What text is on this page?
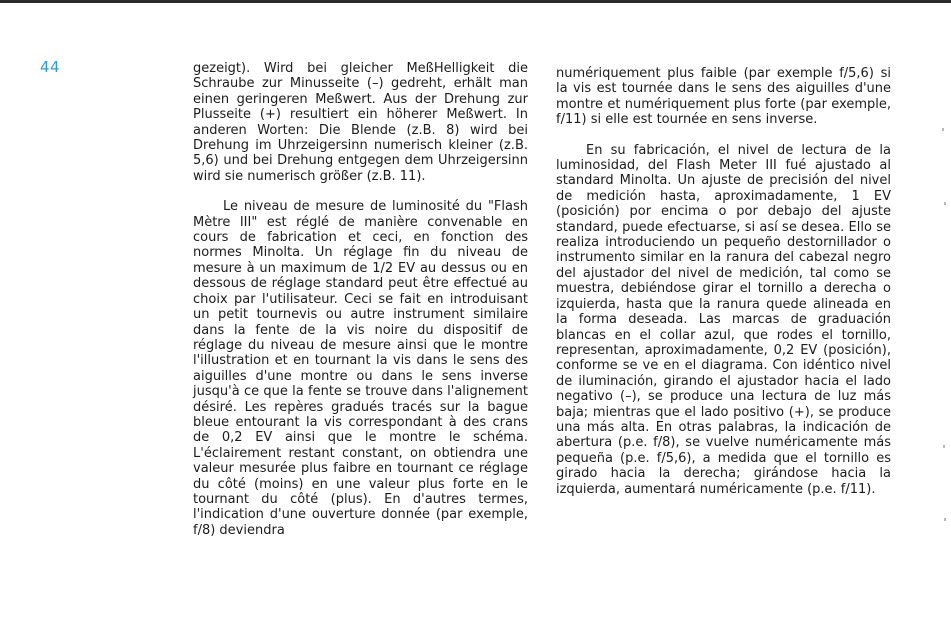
44	gezeigt). Wird bei gleicher MeßHelligkeit die Schraube zur Minusseite (–) gedreht, erhält man einen geringeren Meßwert. Aus der Drehung zur Plusseite (+) resultiert ein höherer Meßwert. In anderen Worten: Die Blende (z.B. 8) wird bei Drehung im Uhrzeigersinn numerisch kleiner (z.B. 5,6) und bei Drehung entgegen dem Uhrzeigersinn wird sie numerisch größer (z.B. 11).

Le niveau de mesure de luminosité du "Flash Mètre III" est réglé de manière convenable en cours de fabrication et ceci, en fonction des normes Minolta. Un réglage fin du niveau de mesure à un maximum de 1/2 EV au dessus ou en dessous de réglage standard peut être effectué au choix par l'utilisateur. Ceci se fait en introduisant un petit tournevis ou autre instrument similaire dans la fente de la vis noire du dispositif de réglage du niveau de mesure ainsi que le montre l'illustration et en tournant la vis dans le sens des aiguilles d'une montre ou dans le sens inverse jusqu'à ce que la fente se trouve dans l'alignement désiré. Les repères gradués tracés sur la bague bleue entourant la vis correspondant à des crans de 0,2 EV ainsi que le montre le schéma. L'éclairement restant constant, on obtiendra une valeur mesurée plus faibre en tournant ce réglage du côté (moins) en une valeur plus forte en le tournant du côté (plus). En d'autres termes, l'indication d'une ouverture donnée (par exemple, f/8) deviendra

numériquement plus faible (par exemple f/5,6) si la vis est tournée dans le sens des aiguilles d'une montre et numériquement plus forte (par exemple, f/11) si elle est tournée en sens inverse.

En su fabricación, el nivel de lectura de la luminosidad, del Flash Meter III fué ajustado al standard Minolta. Un ajuste de precisión del nivel de medición hasta, aproximadamente, 1 EV (posición) por encima o por debajo del ajuste standard, puede efectuarse, si así se desea. Ello se realiza introduciendo un pequeño destornillador o instrumento similar en la ranura del cabezal negro del ajustador del nivel de medición, tal como se muestra, debiéndose girar el tornillo a derecha o izquierda, hasta que la ranura quede alineada en la forma deseada. Las marcas de graduación blancas en el collar azul, que rodes el tornillo, representan, aproximadamente, 0,2 EV (posición), conforme se ve en el diagrama. Con idéntico nivel de iluminación, girando el ajustador hacia el lado negativo (–), se produce una lectura de luz más baja; mientras que el lado positivo (+), se produce una más alta. En otras palabras, la indicación de abertura (p.e. f/8), se vuelve numéricamente más pequeña (p.e. f/5,6), a medida que el tornillo es girado hacia la derecha; girándose hacia la izquierda, aumentará numéricamente (p.e. f/11).
